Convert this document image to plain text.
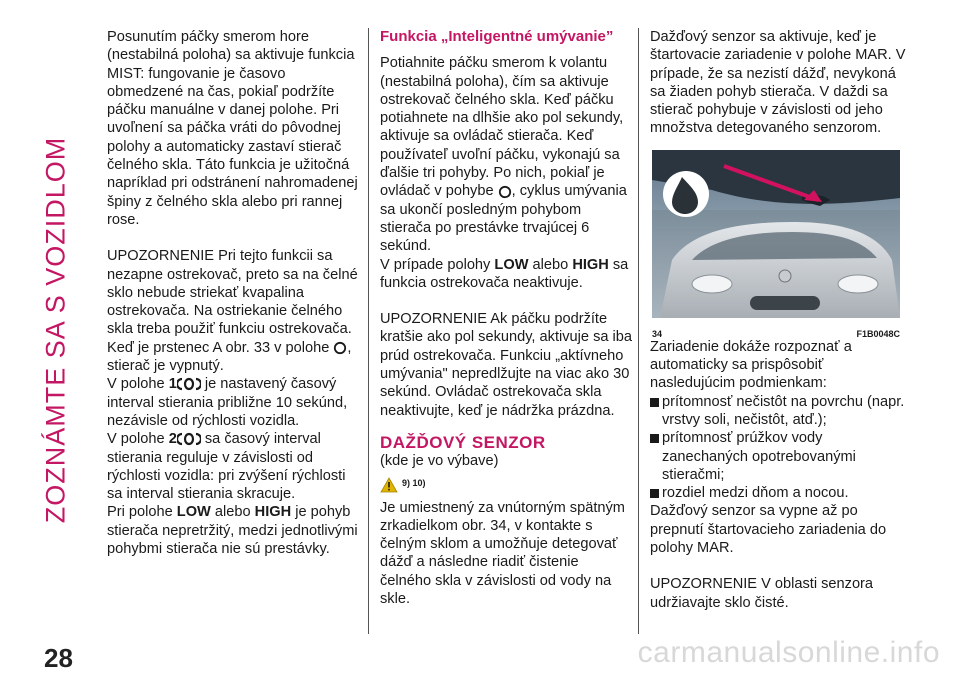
ZOZNÁMTE SA S VOZIDLOM

Posunutím páčky smerom hore (nestabilná poloha) sa aktivuje funkcia MIST: fungovanie je časovo obmedzené na čas, pokiaľ podržíte páčku manuálne v danej polohe. Pri uvoľnení sa páčka vráti do pôvodnej polohy a automaticky zastaví stierač čelného skla. Táto funkcia je užitočná napríklad pri odstránení nahromadenej špiny z čelného skla alebo pri rannej rose.

UPOZORNENIE Pri tejto funkcii sa nezapne ostrekovač, preto sa na čelné sklo nebude striekať kvapalina ostrekovača. Na ostriekanie čelného skla treba použiť funkciu ostrekovača.

Keď je prstenec A obr. 33 v polohe , stierač je vypnutý.
V polohe 1 je nastavený časový interval stierania približne 10 sekúnd, nezávisle od rýchlosti vozidla.
V polohe 2 sa časový interval stierania reguluje v závislosti od rýchlosti vozidla: pri zvýšení rýchlosti sa interval stierania skracuje.
Pri polohe LOW alebo HIGH je pohyb stierača nepretržitý, medzi jednotlivými pohybmi stierača nie sú prestávky.
Funkcia „Inteligentné umývanie”
Potiahnite páčku smerom k volantu (nestabilná poloha), čím sa aktivuje ostrekovač čelného skla. Keď páčku potiahnete na dlhšie ako pol sekundy, aktivuje sa ovládač stierača. Keď používateľ uvoľní páčku, vykonajú sa ďalšie tri pohyby. Po nich, pokiaľ je ovládač v pohybe , cyklus umývania sa ukončí posledným pohybom stierača po prestávke trvajúcej 6 sekúnd.

V prípade polohy LOW alebo HIGH sa funkcia ostrekovača neaktivuje.

UPOZORNENIE Ak páčku podržíte kratšie ako pol sekundy, aktivuje sa iba prúd ostrekovača. Funkciu „aktívneho umývania" nepredlžujte na viac ako 30 sekúnd. Ovládač ostrekovača skla neaktivujte, keď je nádržka prázdna.

DAŽĎOVÝ SENZOR
(kde je vo výbave)
9) 10)
Je umiestnený za vnútorným spätným zrkadielkom obr. 34, v kontakte s čelným sklom a umožňuje detegovať dážď a následne riadiť čistenie čelného skla v závislosti od vody na skle.
Dažďový senzor sa aktivuje, keď je štartovacie zariadenie v polohe MAR. V prípade, že sa nezistí dážď, nevykoná sa žiaden pohyb stierača. V daždi sa stierač pohybuje v závislosti od jeho množstva detegovaného senzorom.
34	F1B0048C
Zariadenie dokáže rozpoznať a automaticky sa prispôsobiť nasledujúcim podmienkam:
prítomnosť nečistôt na povrchu (napr. vrstvy soli, nečistôt, atď.);
prítomnosť prúžkov vody zanechaných opotrebovanými stieračmi;
rozdiel medzi dňom a nocou.

Dažďový senzor sa vypne až po prepnutí štartovacieho zariadenia do polohy MAR.

UPOZORNENIE V oblasti senzora udržiavajte sklo čisté.
28	carmanualsonline.info
